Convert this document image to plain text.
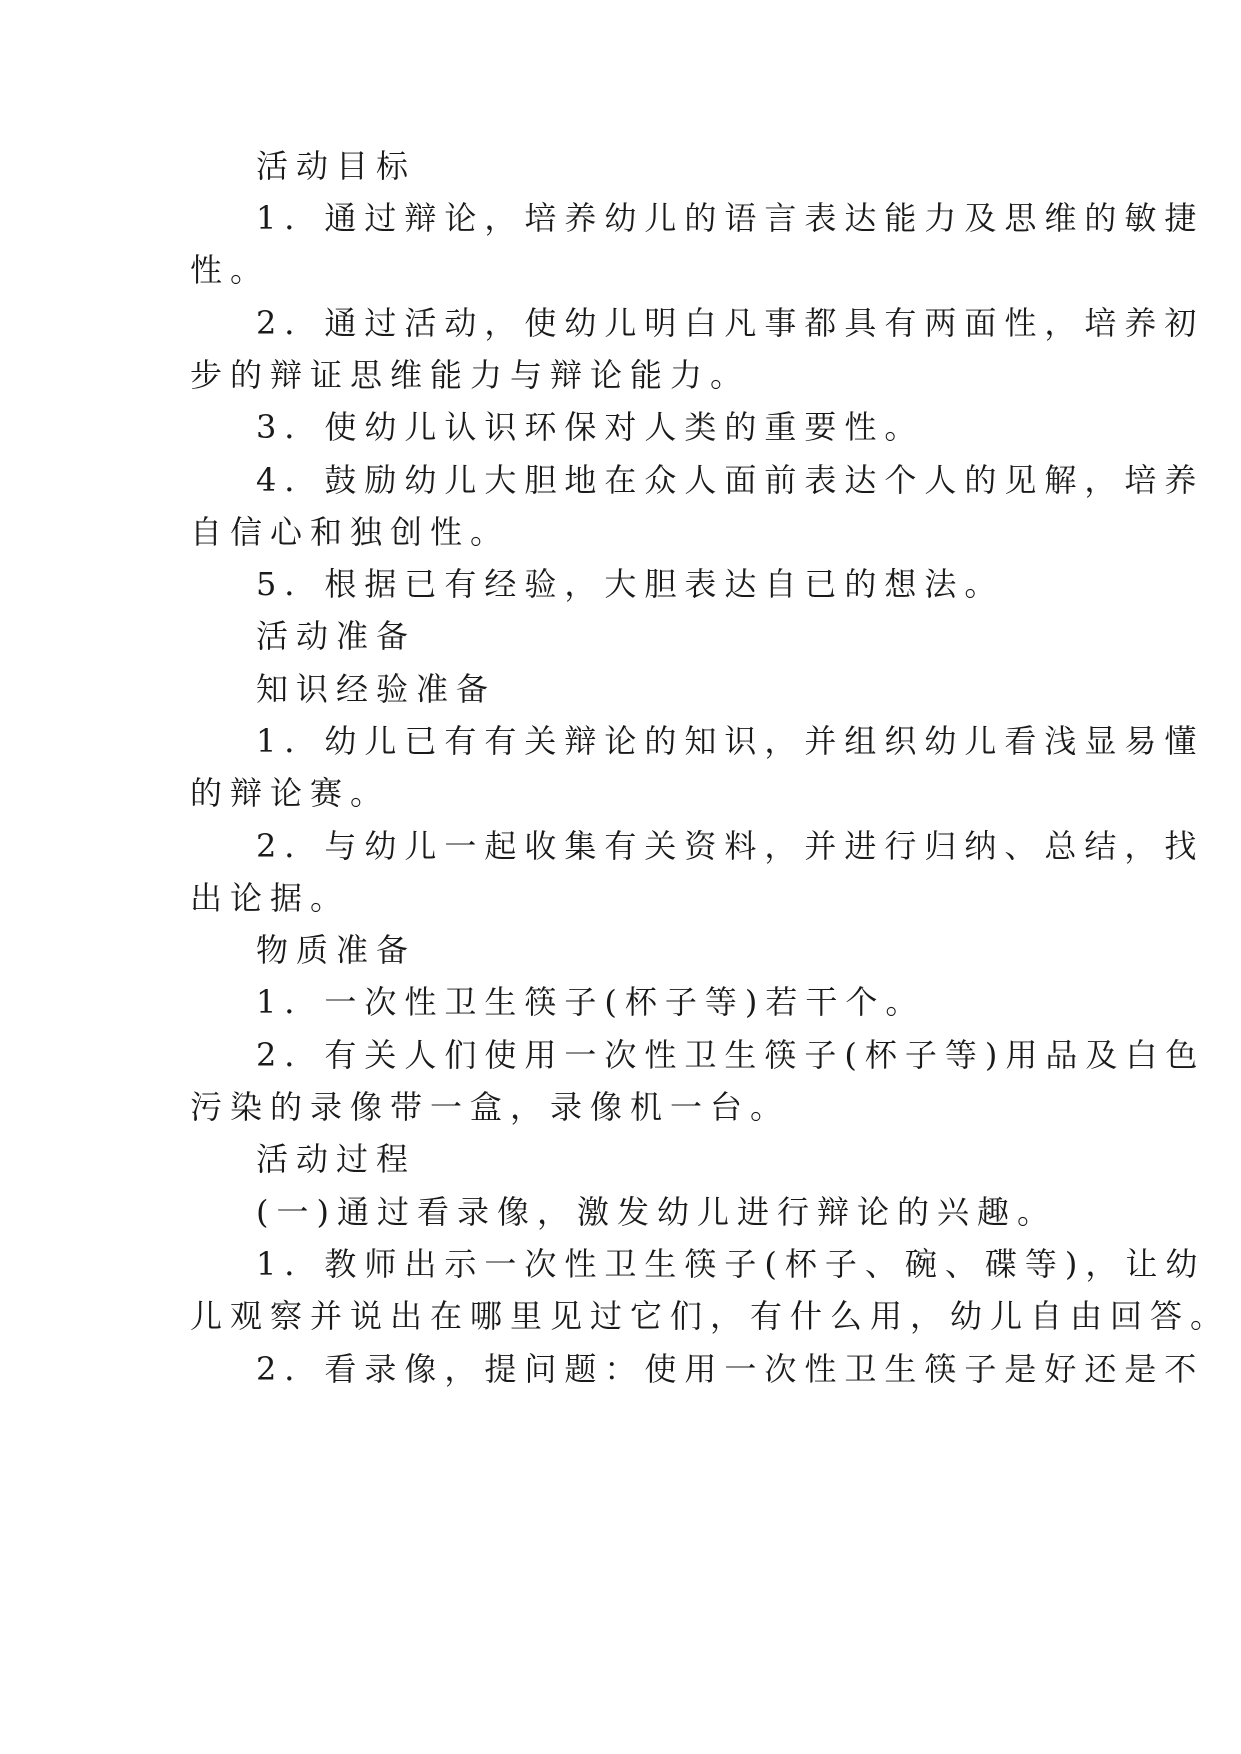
活动目标
1．通过辩论，培养幼儿的语言表达能力及思维的敏捷
性。
2．通过活动，使幼儿明白凡事都具有两面性，培养初
步的辩证思维能力与辩论能力。
3．使幼儿认识环保对人类的重要性。
4．鼓励幼儿大胆地在众人面前表达个人的见解，培养
自信心和独创性。
5．根据已有经验，大胆表达自已的想法。
活动准备
知识经验准备
1．幼儿已有有关辩论的知识，并组织幼儿看浅显易懂
的辩论赛。
2．与幼儿一起收集有关资料，并进行归纳、总结，找
出论据。
物质准备
1．一次性卫生筷子(杯子等)若干个。
2．有关人们使用一次性卫生筷子(杯子等)用品及白色
污染的录像带一盒，录像机一台。
活动过程
(一)通过看录像，激发幼儿进行辩论的兴趣。
1．教师出示一次性卫生筷子(杯子、碗、碟等)，让幼
儿观察并说出在哪里见过它们，有什么用，幼儿自由回答。
2．看录像，提问题：使用一次性卫生筷子是好还是不
